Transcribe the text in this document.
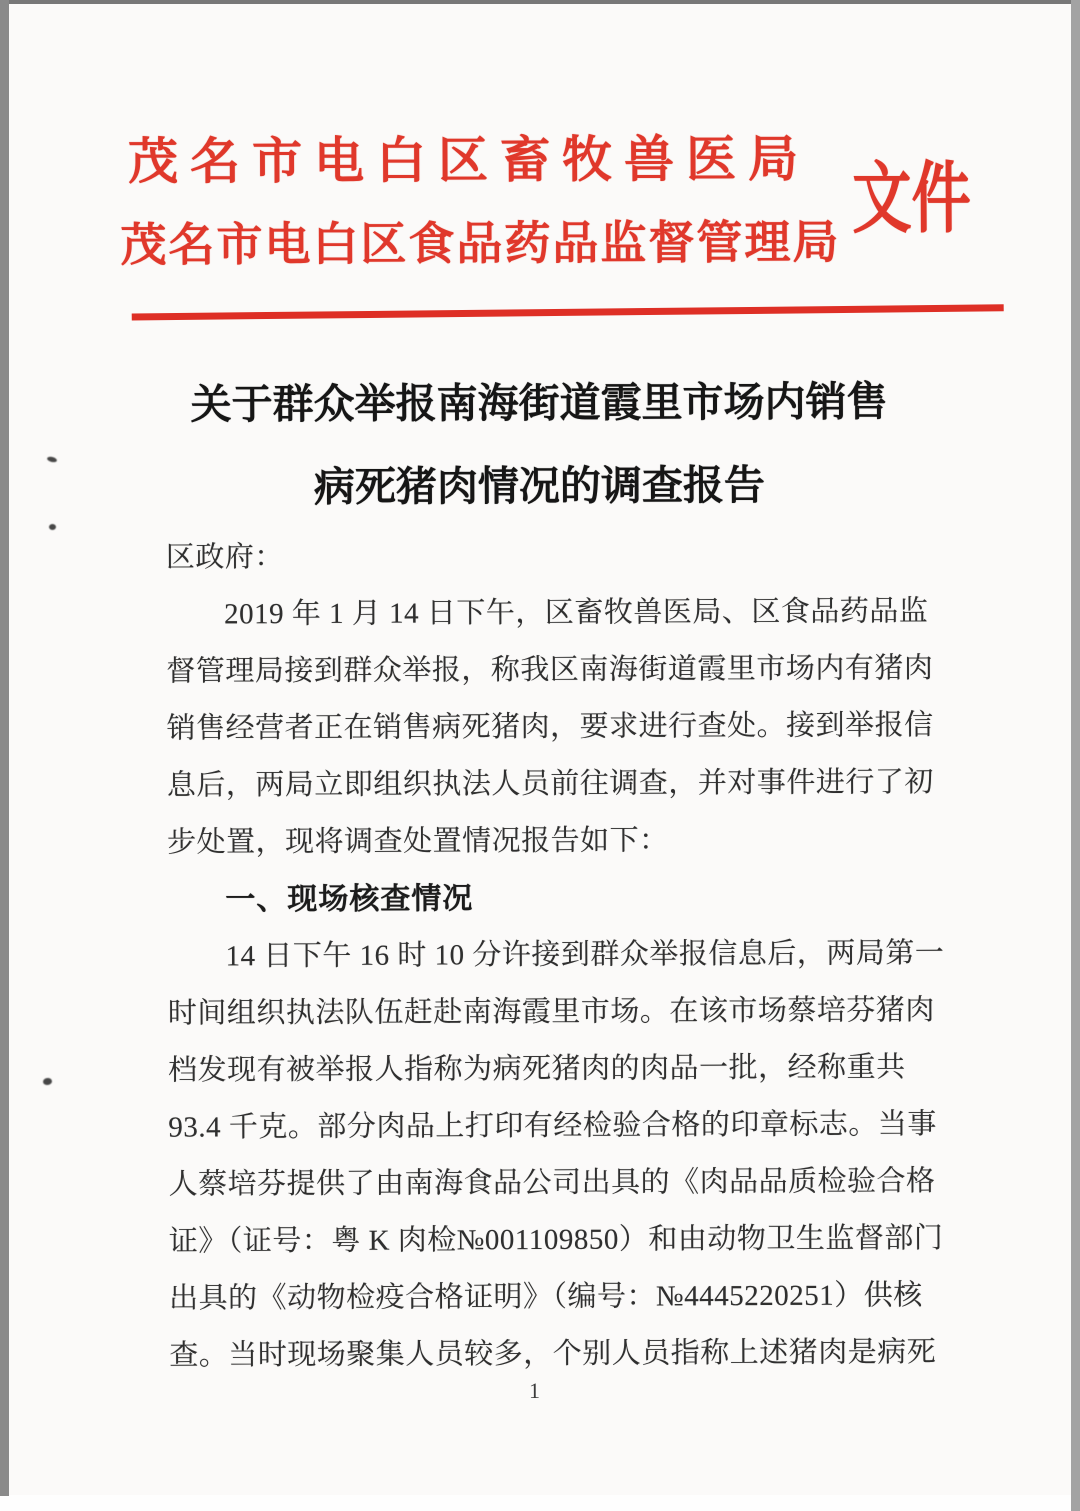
茂名市电白区畜牧兽医局
茂名市电白区食品药品监督管理局
文件
关于群众举报南海街道霞里市场内销售
病死猪肉情况的调查报告
区政府：
2019 年 1 月 14 日下午，区畜牧兽医局、区食品药品监
督管理局接到群众举报，称我区南海街道霞里市场内有猪肉
销售经营者正在销售病死猪肉，要求进行查处。接到举报信
息后，两局立即组织执法人员前往调查，并对事件进行了初
步处置，现将调查处置情况报告如下：
一、现场核查情况
14 日下午 16 时 10 分许接到群众举报信息后，两局第一
时间组织执法队伍赶赴南海霞里市场。在该市场蔡培芬猪肉
档发现有被举报人指称为病死猪肉的肉品一批，经称重共
93.4 千克。部分肉品上打印有经检验合格的印章标志。当事
人蔡培芬提供了由南海食品公司出具的《肉品品质检验合格
证》（证号：粤 K 肉检№001109850）和由动物卫生监督部门
出具的《动物检疫合格证明》（编号：№4445220251）供核
查。当时现场聚集人员较多，个别人员指称上述猪肉是病死
1
